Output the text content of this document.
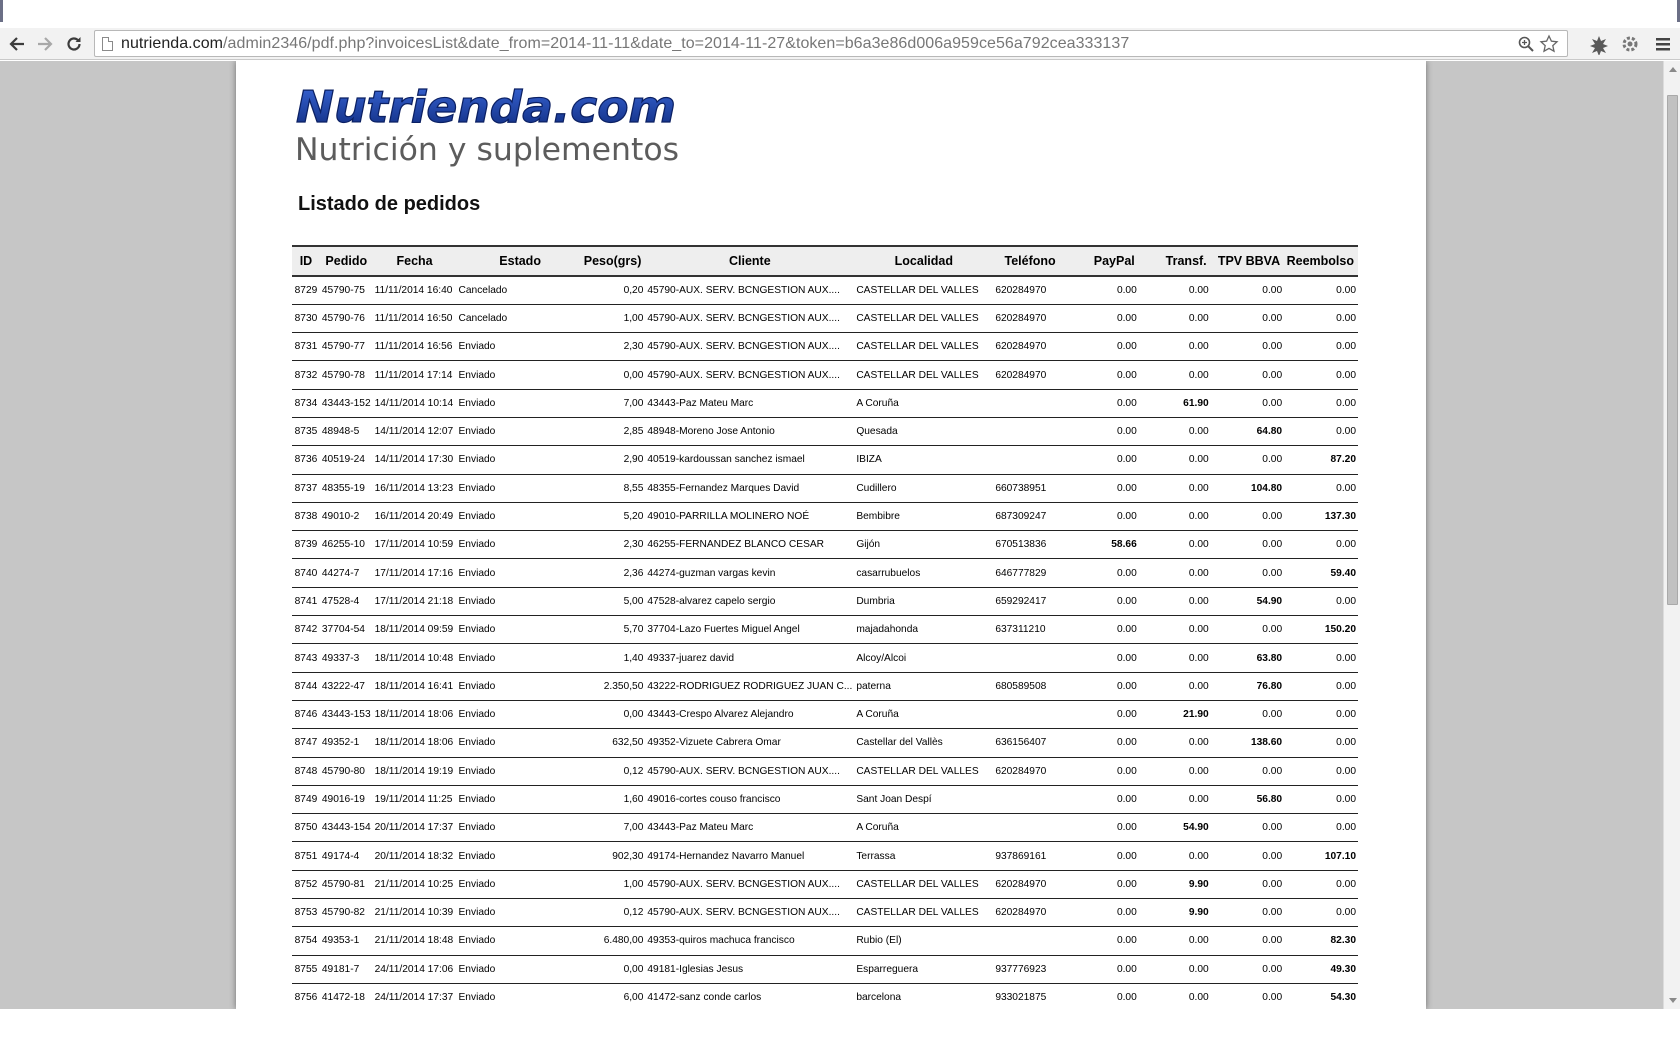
nutrienda.com/admin2346/pdf.php?invoicesList&date_from=2014-11-11&date_to=2014-11-27&token=b6a3e86d006a959ce56a792cea333137
Nutrienda.com
Nutrición y suplementos
Listado de pedidos
ID	Pedido	Fecha	Estado	Peso(grs)	Cliente	Localidad	Teléfono	PayPal	Transf.	TPV BBVA	Reembolso
8729	45790-75	11/11/2014 16:40	Cancelado	0,20	45790-AUX. SERV. BCNGESTION AUX....	CASTELLAR DEL VALLES	620284970	0.00	0.00	0.00	0.00
8730	45790-76	11/11/2014 16:50	Cancelado	1,00	45790-AUX. SERV. BCNGESTION AUX....	CASTELLAR DEL VALLES	620284970	0.00	0.00	0.00	0.00
8731	45790-77	11/11/2014 16:56	Enviado	2,30	45790-AUX. SERV. BCNGESTION AUX....	CASTELLAR DEL VALLES	620284970	0.00	0.00	0.00	0.00
8732	45790-78	11/11/2014 17:14	Enviado	0,00	45790-AUX. SERV. BCNGESTION AUX....	CASTELLAR DEL VALLES	620284970	0.00	0.00	0.00	0.00
8734	43443-152	14/11/2014 10:14	Enviado	7,00	43443-Paz Mateu Marc	A Coruña		0.00	61.90	0.00	0.00
8735	48948-5	14/11/2014 12:07	Enviado	2,85	48948-Moreno Jose Antonio	Quesada		0.00	0.00	64.80	0.00
8736	40519-24	14/11/2014 17:30	Enviado	2,90	40519-kardoussan sanchez ismael	IBIZA		0.00	0.00	0.00	87.20
8737	48355-19	16/11/2014 13:23	Enviado	8,55	48355-Fernandez Marques David	Cudillero	660738951	0.00	0.00	104.80	0.00
8738	49010-2	16/11/2014 20:49	Enviado	5,20	49010-PARRILLA MOLINERO NOÉ	Bembibre	687309247	0.00	0.00	0.00	137.30
8739	46255-10	17/11/2014 10:59	Enviado	2,30	46255-FERNANDEZ BLANCO CESAR	Gijón	670513836	58.66	0.00	0.00	0.00
8740	44274-7	17/11/2014 17:16	Enviado	2,36	44274-guzman vargas kevin	casarrubuelos	646777829	0.00	0.00	0.00	59.40
8741	47528-4	17/11/2014 21:18	Enviado	5,00	47528-alvarez capelo sergio	Dumbria	659292417	0.00	0.00	54.90	0.00
8742	37704-54	18/11/2014 09:59	Enviado	5,70	37704-Lazo Fuertes Miguel Angel	majadahonda	637311210	0.00	0.00	0.00	150.20
8743	49337-3	18/11/2014 10:48	Enviado	1,40	49337-juarez david	Alcoy/Alcoi		0.00	0.00	63.80	0.00
8744	43222-47	18/11/2014 16:41	Enviado	2.350,50	43222-RODRIGUEZ RODRIGUEZ JUAN C...	paterna	680589508	0.00	0.00	76.80	0.00
8746	43443-153	18/11/2014 18:06	Enviado	0,00	43443-Crespo Alvarez Alejandro	A Coruña		0.00	21.90	0.00	0.00
8747	49352-1	18/11/2014 18:06	Enviado	632,50	49352-Vizuete Cabrera Omar	Castellar del Vallès	636156407	0.00	0.00	138.60	0.00
8748	45790-80	18/11/2014 19:19	Enviado	0,12	45790-AUX. SERV. BCNGESTION AUX....	CASTELLAR DEL VALLES	620284970	0.00	0.00	0.00	0.00
8749	49016-19	19/11/2014 11:25	Enviado	1,60	49016-cortes couso francisco	Sant Joan Despí		0.00	0.00	56.80	0.00
8750	43443-154	20/11/2014 17:37	Enviado	7,00	43443-Paz Mateu Marc	A Coruña		0.00	54.90	0.00	0.00
8751	49174-4	20/11/2014 18:32	Enviado	902,30	49174-Hernandez Navarro Manuel	Terrassa	937869161	0.00	0.00	0.00	107.10
8752	45790-81	21/11/2014 10:25	Enviado	1,00	45790-AUX. SERV. BCNGESTION AUX....	CASTELLAR DEL VALLES	620284970	0.00	9.90	0.00	0.00
8753	45790-82	21/11/2014 10:39	Enviado	0,12	45790-AUX. SERV. BCNGESTION AUX....	CASTELLAR DEL VALLES	620284970	0.00	9.90	0.00	0.00
8754	49353-1	21/11/2014 18:48	Enviado	6.480,00	49353-quiros machuca francisco	Rubio (El)		0.00	0.00	0.00	82.30
8755	49181-7	24/11/2014 17:06	Enviado	0,00	49181-Iglesias Jesus	Esparreguera	937776923	0.00	0.00	0.00	49.30
8756	41472-18	24/11/2014 17:37	Enviado	6,00	41472-sanz conde carlos	barcelona	933021875	0.00	0.00	0.00	54.30
